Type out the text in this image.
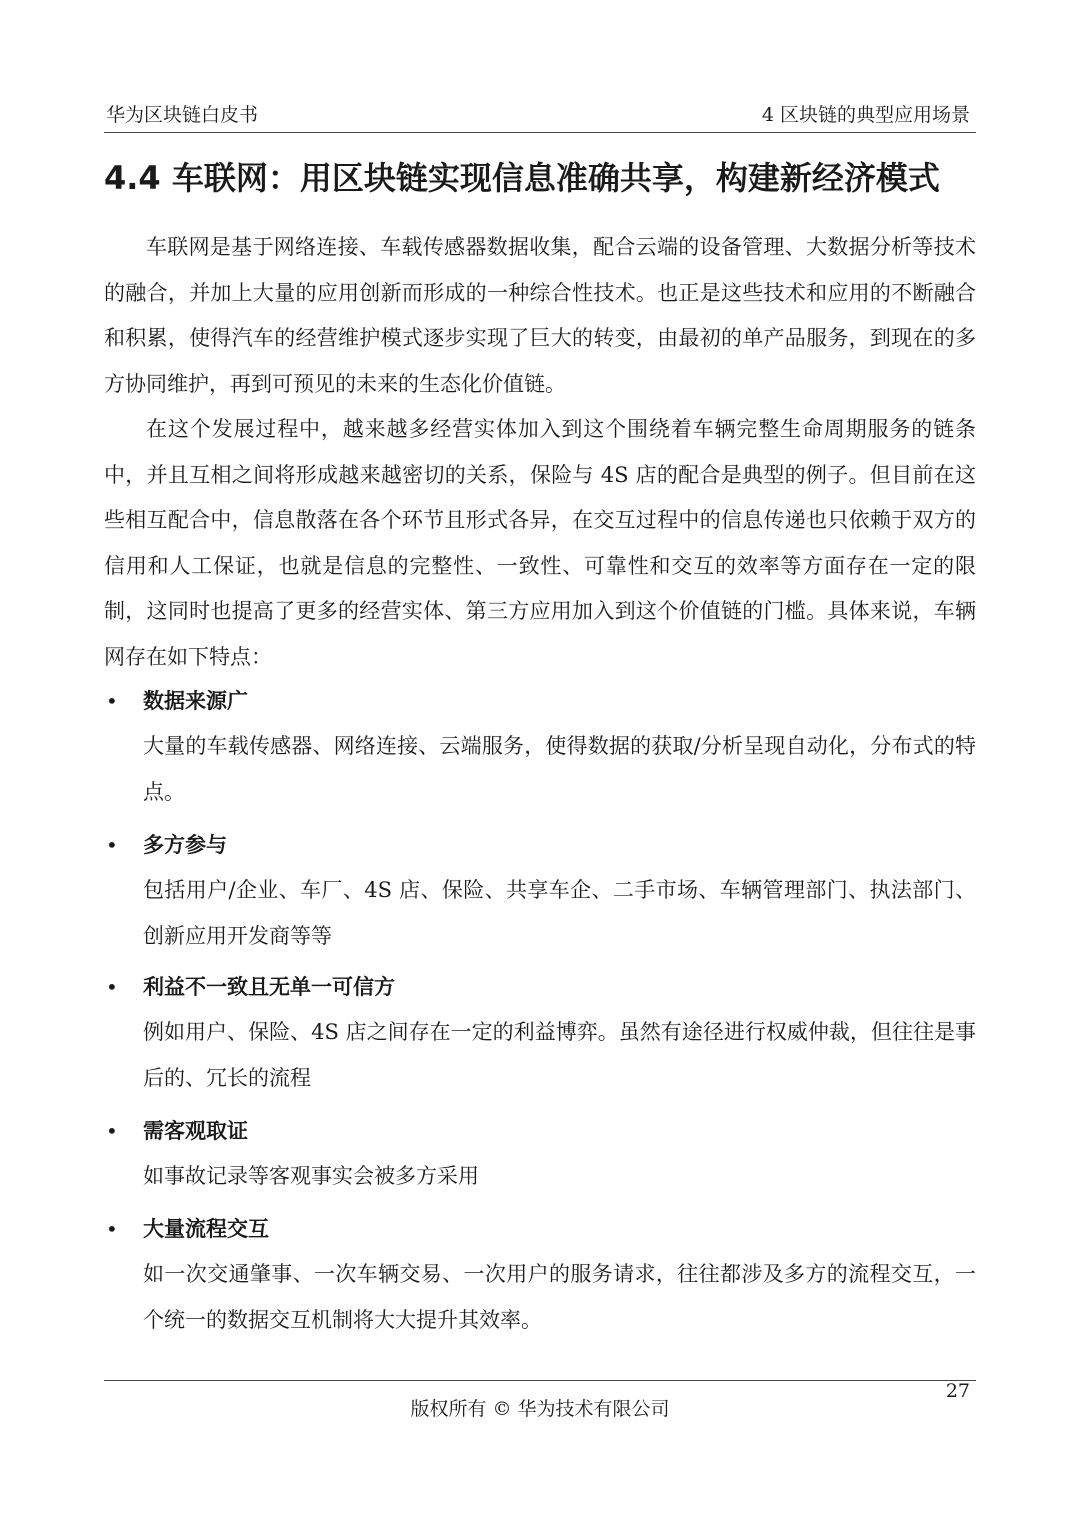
华为区块链白皮书	4 区块链的典型应用场景
4.4 车联网：用区块链实现信息准确共享，构建新经济模式

车联网是基于网络连接、车载传感器数据收集，配合云端的设备管理、大数据分析等技术的融合，并加上大量的应用创新而形成的一种综合性技术。也正是这些技术和应用的不断融合和积累，使得汽车的经营维护模式逐步实现了巨大的转变，由最初的单产品服务，到现在的多方协同维护，再到可预见的未来的生态化价值链。

在这个发展过程中，越来越多经营实体加入到这个围绕着车辆完整生命周期服务的链条中，并且互相之间将形成越来越密切的关系，保险与 4S 店的配合是典型的例子。但目前在这些相互配合中，信息散落在各个环节且形式各异，在交互过程中的信息传递也只依赖于双方的信用和人工保证，也就是信息的完整性、一致性、可靠性和交互的效率等方面存在一定的限制，这同时也提高了更多的经营实体、第三方应用加入到这个价值链的门槛。具体来说，车辆网存在如下特点：

• 数据来源广

大量的车载传感器、网络连接、云端服务，使得数据的获取/分析呈现自动化，分布式的特点。

• 多方参与

包括用户/企业、车厂、4S 店、保险、共享车企、二手市场、车辆管理部门、执法部门、创新应用开发商等等

• 利益不一致且无单一可信方

例如用户、保险、4S 店之间存在一定的利益博弈。虽然有途径进行权威仲裁，但往往是事后的、冗长的流程

• 需客观取证

如事故记录等客观事实会被多方采用

• 大量流程交互

如一次交通肇事、一次车辆交易、一次用户的服务请求，往往都涉及多方的流程交互，一个统一的数据交互机制将大大提升其效率。

27
版权所有 © 华为技术有限公司
